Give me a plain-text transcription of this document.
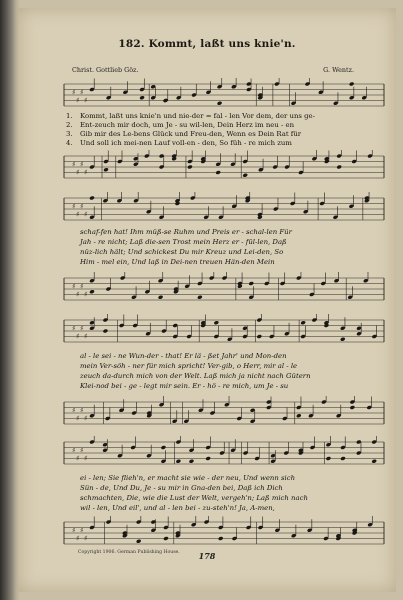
182. Kommt, laßt uns knie'n.
Christ. Gottlieb Göz.	G. Wentz.
♯
♯
♯
♯
1. Kommt, laßt uns knie'n und nie-der = fal - len Vor dem, der uns ge-
2. Ent-zeuch mir doch, um Je - su wil-len, Dein Herz im neu - en
3. Gib mir des Le-bens Glück und Freu-den, Wenn es Dein Rat für
4. Und soll ich mei-nen Lauf voll-en - den, So füh - re mich zum
♯
♯
♯
♯
♯
♯
♯
♯
schaf-fen hat! Ihm müß-se Ruhm und Preis er - schal-len Für
Jah - re nicht; Laß die-sen Trost mein Herz er - fül-len, Daß
nüz-lich hält; Und schickest Du mir Kreuz und Lei-den, So
Him - mel ein, Und laß in Dei-nen treuen Hän-den Mein
♯
♯
♯
♯
♯
♯
♯
♯
al - le sei - ne Wun-der - that! Er lä - ßet Jahr' und Mon-den
mein Ver-söh - ner für mich spricht! Ver-gib, o Herr, mir al - le
zeuch da-durch mich von der Welt. Laß mich ja nicht nach Gütern
Klei-nod bei - ge - legt mir sein. Er - hö - re mich, um Je - su
♯
♯
♯
♯
♯
♯
♯
♯
ei - len; Sie flieh'n, er macht sie wie - der neu, Und wenn sich
Sün - de, Und Du, Je - su mir in Gna-den bei, Daß ich Dich
schmachten, Die, wie die Lust der Welt, vergeh'n; Laß mich nach
wil - len, Und eil', und al - len bei - zu-steh'n! Ja, A-men,
♯
♯
♯
♯
Copyright 1906. German Publishing House.	178
